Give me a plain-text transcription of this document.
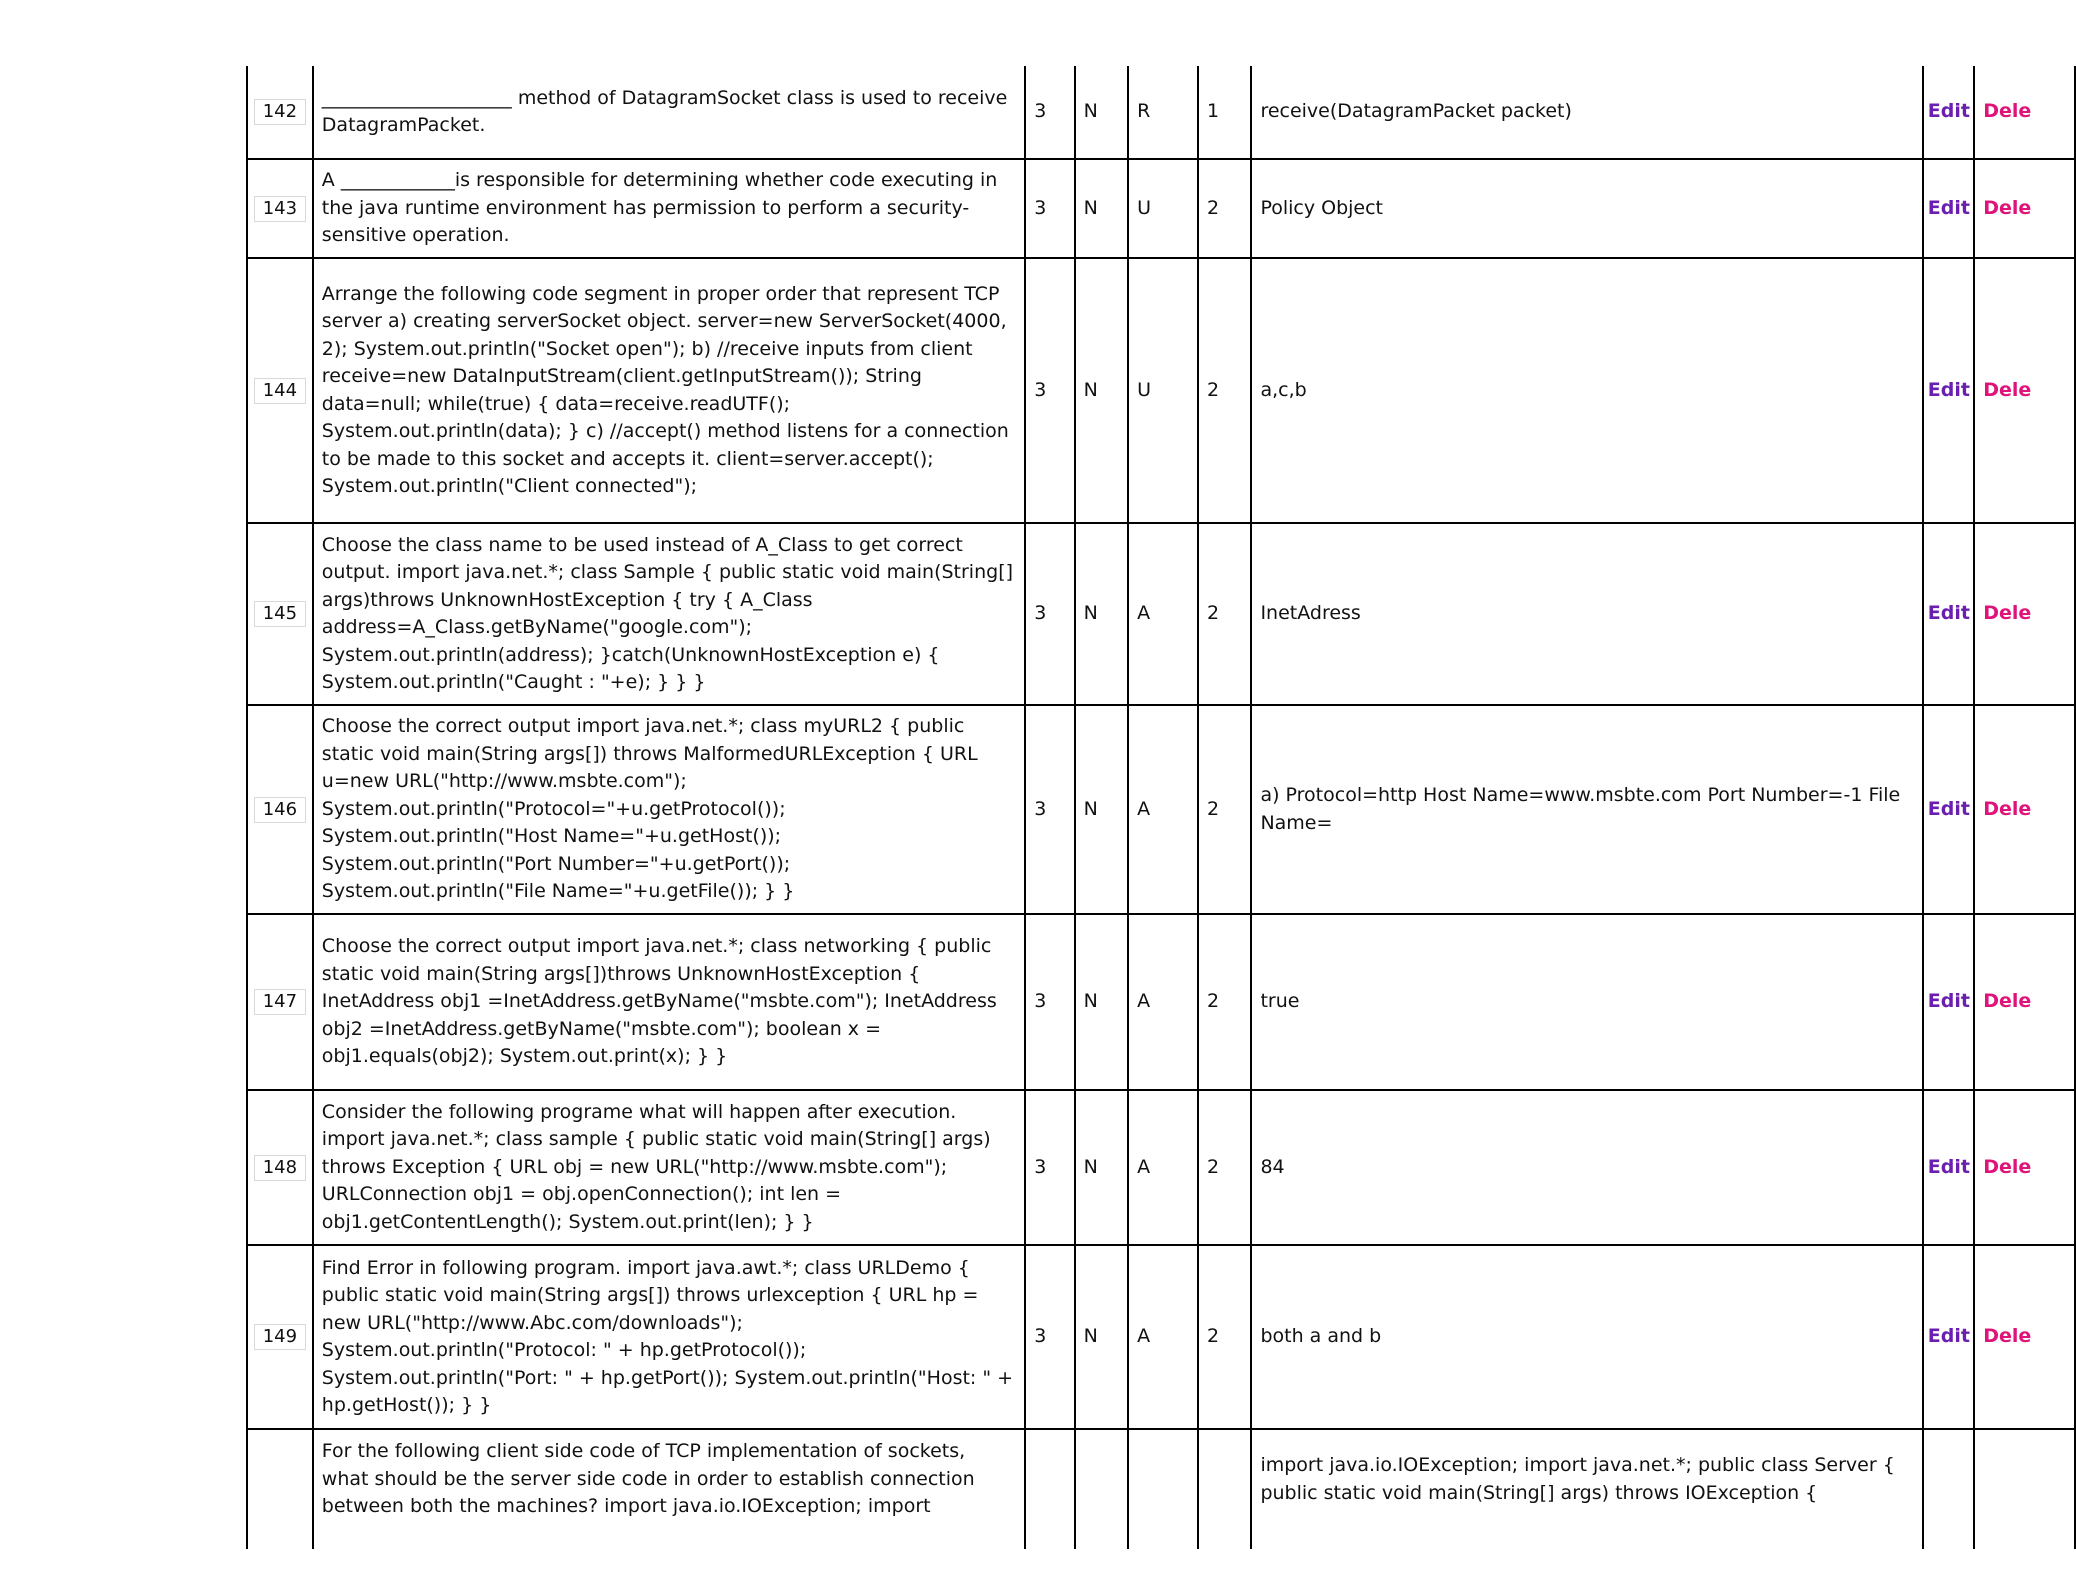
142	____________________ method of DatagramSocket class is used to receive DatagramPacket.	3	N	R	1	receive(DatagramPacket packet)	Edit	Dele

143	A ____________is responsible for determining whether code executing in the java runtime environment has permission to perform a security-sensitive operation.	3	N	U	2	Policy Object	Edit	Dele

144	Arrange the following code segment in proper order that represent TCP server a) creating serverSocket object. server=new ServerSocket(4000, 2); System.out.println("Socket open"); b) //receive inputs from client receive=new DataInputStream(client.getInputStream()); String data=null; while(true) { data=receive.readUTF(); System.out.println(data); } c) //accept() method listens for a connection to be made to this socket and accepts it. client=server.accept(); System.out.println("Client connected");	3	N	U	2	a,c,b	Edit	Dele

145	Choose the class name to be used instead of A_Class to get correct output. import java.net.*; class Sample { public static void main(String[] args)throws UnknownHostException { try { A_Class address=A_Class.getByName("google.com"); System.out.println(address); }catch(UnknownHostException e) { System.out.println("Caught : "+e); } } }	3	N	A	2	InetAdress	Edit	Dele

146	Choose the correct output import java.net.*; class myURL2 { public static void main(String args[]) throws MalformedURLException { URL u=new URL("http://www.msbte.com"); System.out.println("Protocol="+u.getProtocol()); System.out.println("Host Name="+u.getHost()); System.out.println("Port Number="+u.getPort()); System.out.println("File Name="+u.getFile()); } }	3	N	A	2	a) Protocol=http Host Name=www.msbte.com Port Number=-1 File Name=	Edit	Dele

147	Choose the correct output import java.net.*; class networking { public static void main(String args[])throws UnknownHostException { InetAddress obj1 =InetAddress.getByName("msbte.com"); InetAddress obj2 =InetAddress.getByName("msbte.com"); boolean x = obj1.equals(obj2); System.out.print(x); } }	3	N	A	2	true	Edit	Dele

148	Consider the following programe what will happen after execution. import java.net.*; class sample { public static void main(String[] args) throws Exception { URL obj = new URL("http://www.msbte.com"); URLConnection obj1 = obj.openConnection(); int len = obj1.getContentLength(); System.out.print(len); } }	3	N	A	2	84	Edit	Dele

149	Find Error in following program. import java.awt.*; class URLDemo { public static void main(String args[]) throws urlexception { URL hp = new URL("http://www.Abc.com/downloads"); System.out.println("Protocol: " + hp.getProtocol()); System.out.println("Port: " + hp.getPort()); System.out.println("Host: " + hp.getHost()); } }	3	N	A	2	both a and b	Edit	Dele
	For the following client side code of TCP implementation of sockets, what should be the server side code in order to establish connection between both the machines? import java.io.IOException; import					import java.io.IOException; import java.net.*; public class Server { public static void main(String[] args) throws IOException {		
